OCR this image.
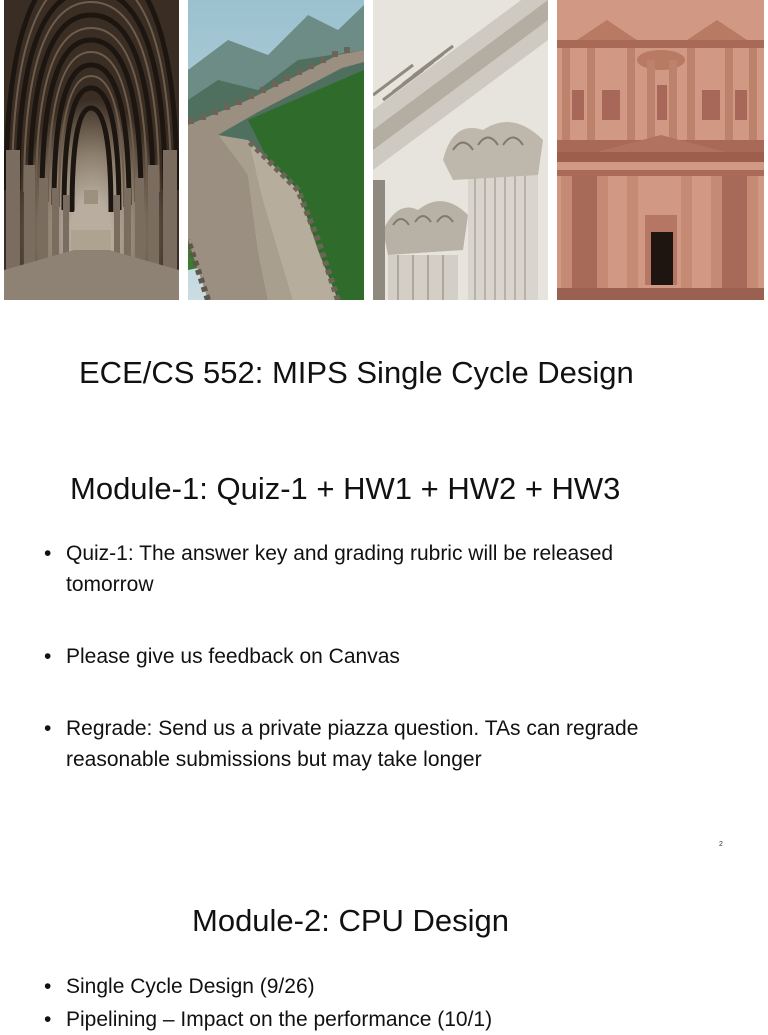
ECE/CS 552: MIPS Single Cycle Design
Module-1: Quiz-1 + HW1 + HW2 + HW3
• Quiz-1: The answer key and grading rubric will be released
tomorrow
• Please give us feedback on Canvas
• Regrade: Send us a private piazza question. TAs can regrade
reasonable submissions but may take longer
2
Module-2: CPU Design
• Single Cycle Design (9/26)
• Pipelining – Impact on the performance (10/1)
